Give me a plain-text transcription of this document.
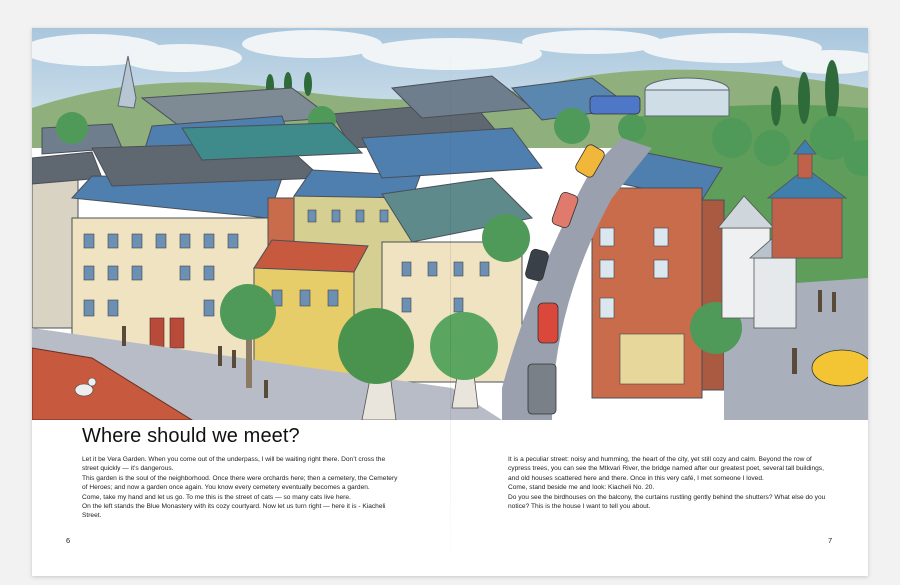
Where should we meet?

Let it be Vera Garden. When you come out of the underpass, I will be waiting right there. Don’t cross the street quickly — it’s dangerous.

This garden is the soul of the neighborhood. Once there were orchards here; then a cemetery, the Cemetery of Heroes; and now a garden once again. You know every cemetery eventually becomes a garden.

Come, take my hand and let us go. To me this is the street of cats — so many cats live here.

On the left stands the Blue Monastery with its cozy courtyard. Now let us turn right — here it is - Kiacheli Street.

It is a peculiar street: noisy and humming, the heart of the city, yet still cozy and calm. Beyond the row of cypress trees, you can see the Mtkvari River, the bridge named after our greatest poet, several tall buildings, and old houses scattered here and there. Once in this very café, I met someone I loved.

Come, stand beside me and look: Kiacheli No. 20.

Do you see the birdhouses on the balcony, the curtains rustling gently behind the shutters? What else do you notice? This is the house I want to tell you about.

6	7
